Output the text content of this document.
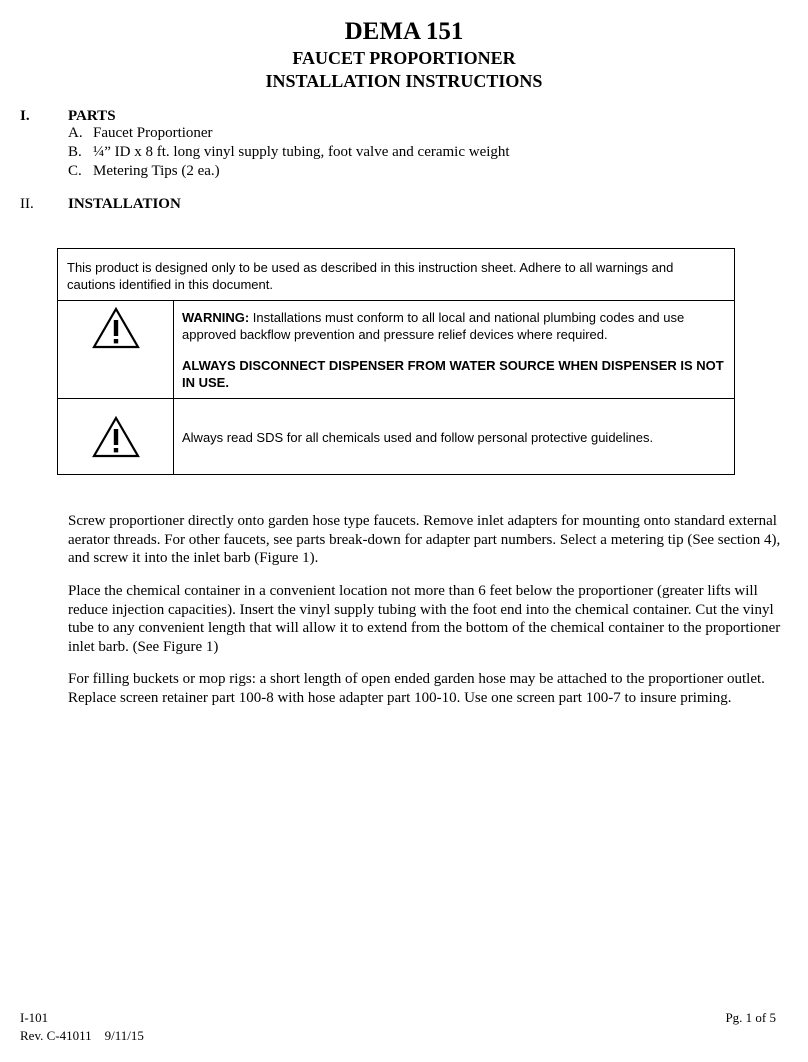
DEMA 151
FAUCET PROPORTIONER
INSTALLATION INSTRUCTIONS
I.	PARTS
A. Faucet Proportioner
B. ¼” ID x 8 ft. long vinyl supply tubing, foot valve and ceramic weight
C. Metering Tips (2 ea.)
II. INSTALLATION
This product is designed only to be used as described in this instruction sheet. Adhere to all warnings and cautions identified in this document.
WARNING: Installations must conform to all local and national plumbing codes and use approved backflow prevention and pressure relief devices where required.
ALWAYS DISCONNECT DISPENSER FROM WATER SOURCE WHEN DISPENSER IS NOT IN USE.
Always read SDS for all chemicals used and follow personal protective guidelines.
Screw proportioner directly onto garden hose type faucets. Remove inlet adapters for mounting onto standard external aerator threads. For other faucets, see parts break-down for adapter part numbers. Select a metering tip (See section 4), and screw it into the inlet barb (Figure 1).
Place the chemical container in a convenient location not more than 6 feet below the proportioner (greater lifts will reduce injection capacities). Insert the vinyl supply tubing with the foot end into the chemical container. Cut the vinyl tube to any convenient length that will allow it to extend from the bottom of the chemical container to the proportioner inlet barb. (See Figure 1)
For filling buckets or mop rigs: a short length of open ended garden hose may be attached to the proportioner outlet. Replace screen retainer part 100-8 with hose adapter part 100-10. Use one screen part 100-7 to insure priming.
I-101
Rev. C-41011    9/11/15
Pg. 1 of 5
